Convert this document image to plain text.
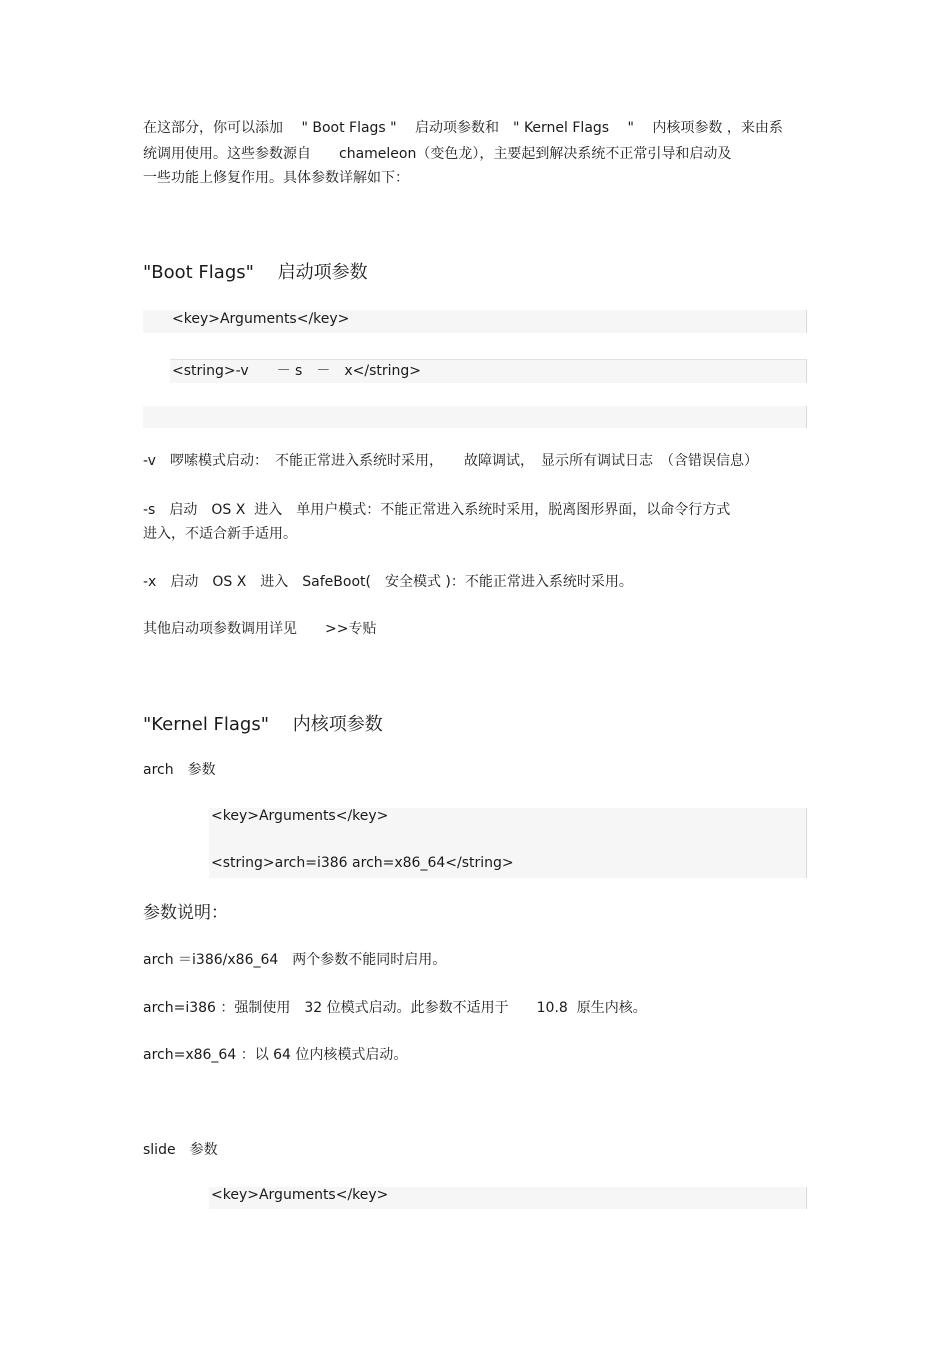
在这部分，你可以添加　 " Boot Flags " 　启动项参数和　" Kernel Flags 　" 　内核项参数 ，来由系
统调用使用。这些参数源自　　chameleon（变色龙），主要起到解决系统不正常引导和启动及
一些功能上修复作用。具体参数详解如下：
"Boot Flags" 　启动项参数

<key>Arguments</key>

<string>-v　　－ s　－　x</string>

-v　啰嗦模式启动：　不能正常进入系统时采用，　　故障调试，　显示所有调试日志　（含错误信息）
-s　启动　OS X  进入　单用户模式：不能正常进入系统时采用，脱离图形界面，以命令行方式
进入，不适合新手适用。
-x　启动　OS X　进入　SafeBoot(　安全模式 )：不能正常进入系统时采用。
其他启动项参数调用详见　　>>专贴
"Kernel Flags" 　内核项参数
arch　参数

<key>Arguments</key>

<string>arch=i386 arch=x86_64</string>

参数说明：
arch ＝i386/x86_64　两个参数不能同时启用。
arch=i386 ：强制使用　32 位模式启动。此参数不适用于　　10.8  原生内核。
arch=x86_64 ：以 64 位内核模式启动。
slide　参数

<key>Arguments</key>
